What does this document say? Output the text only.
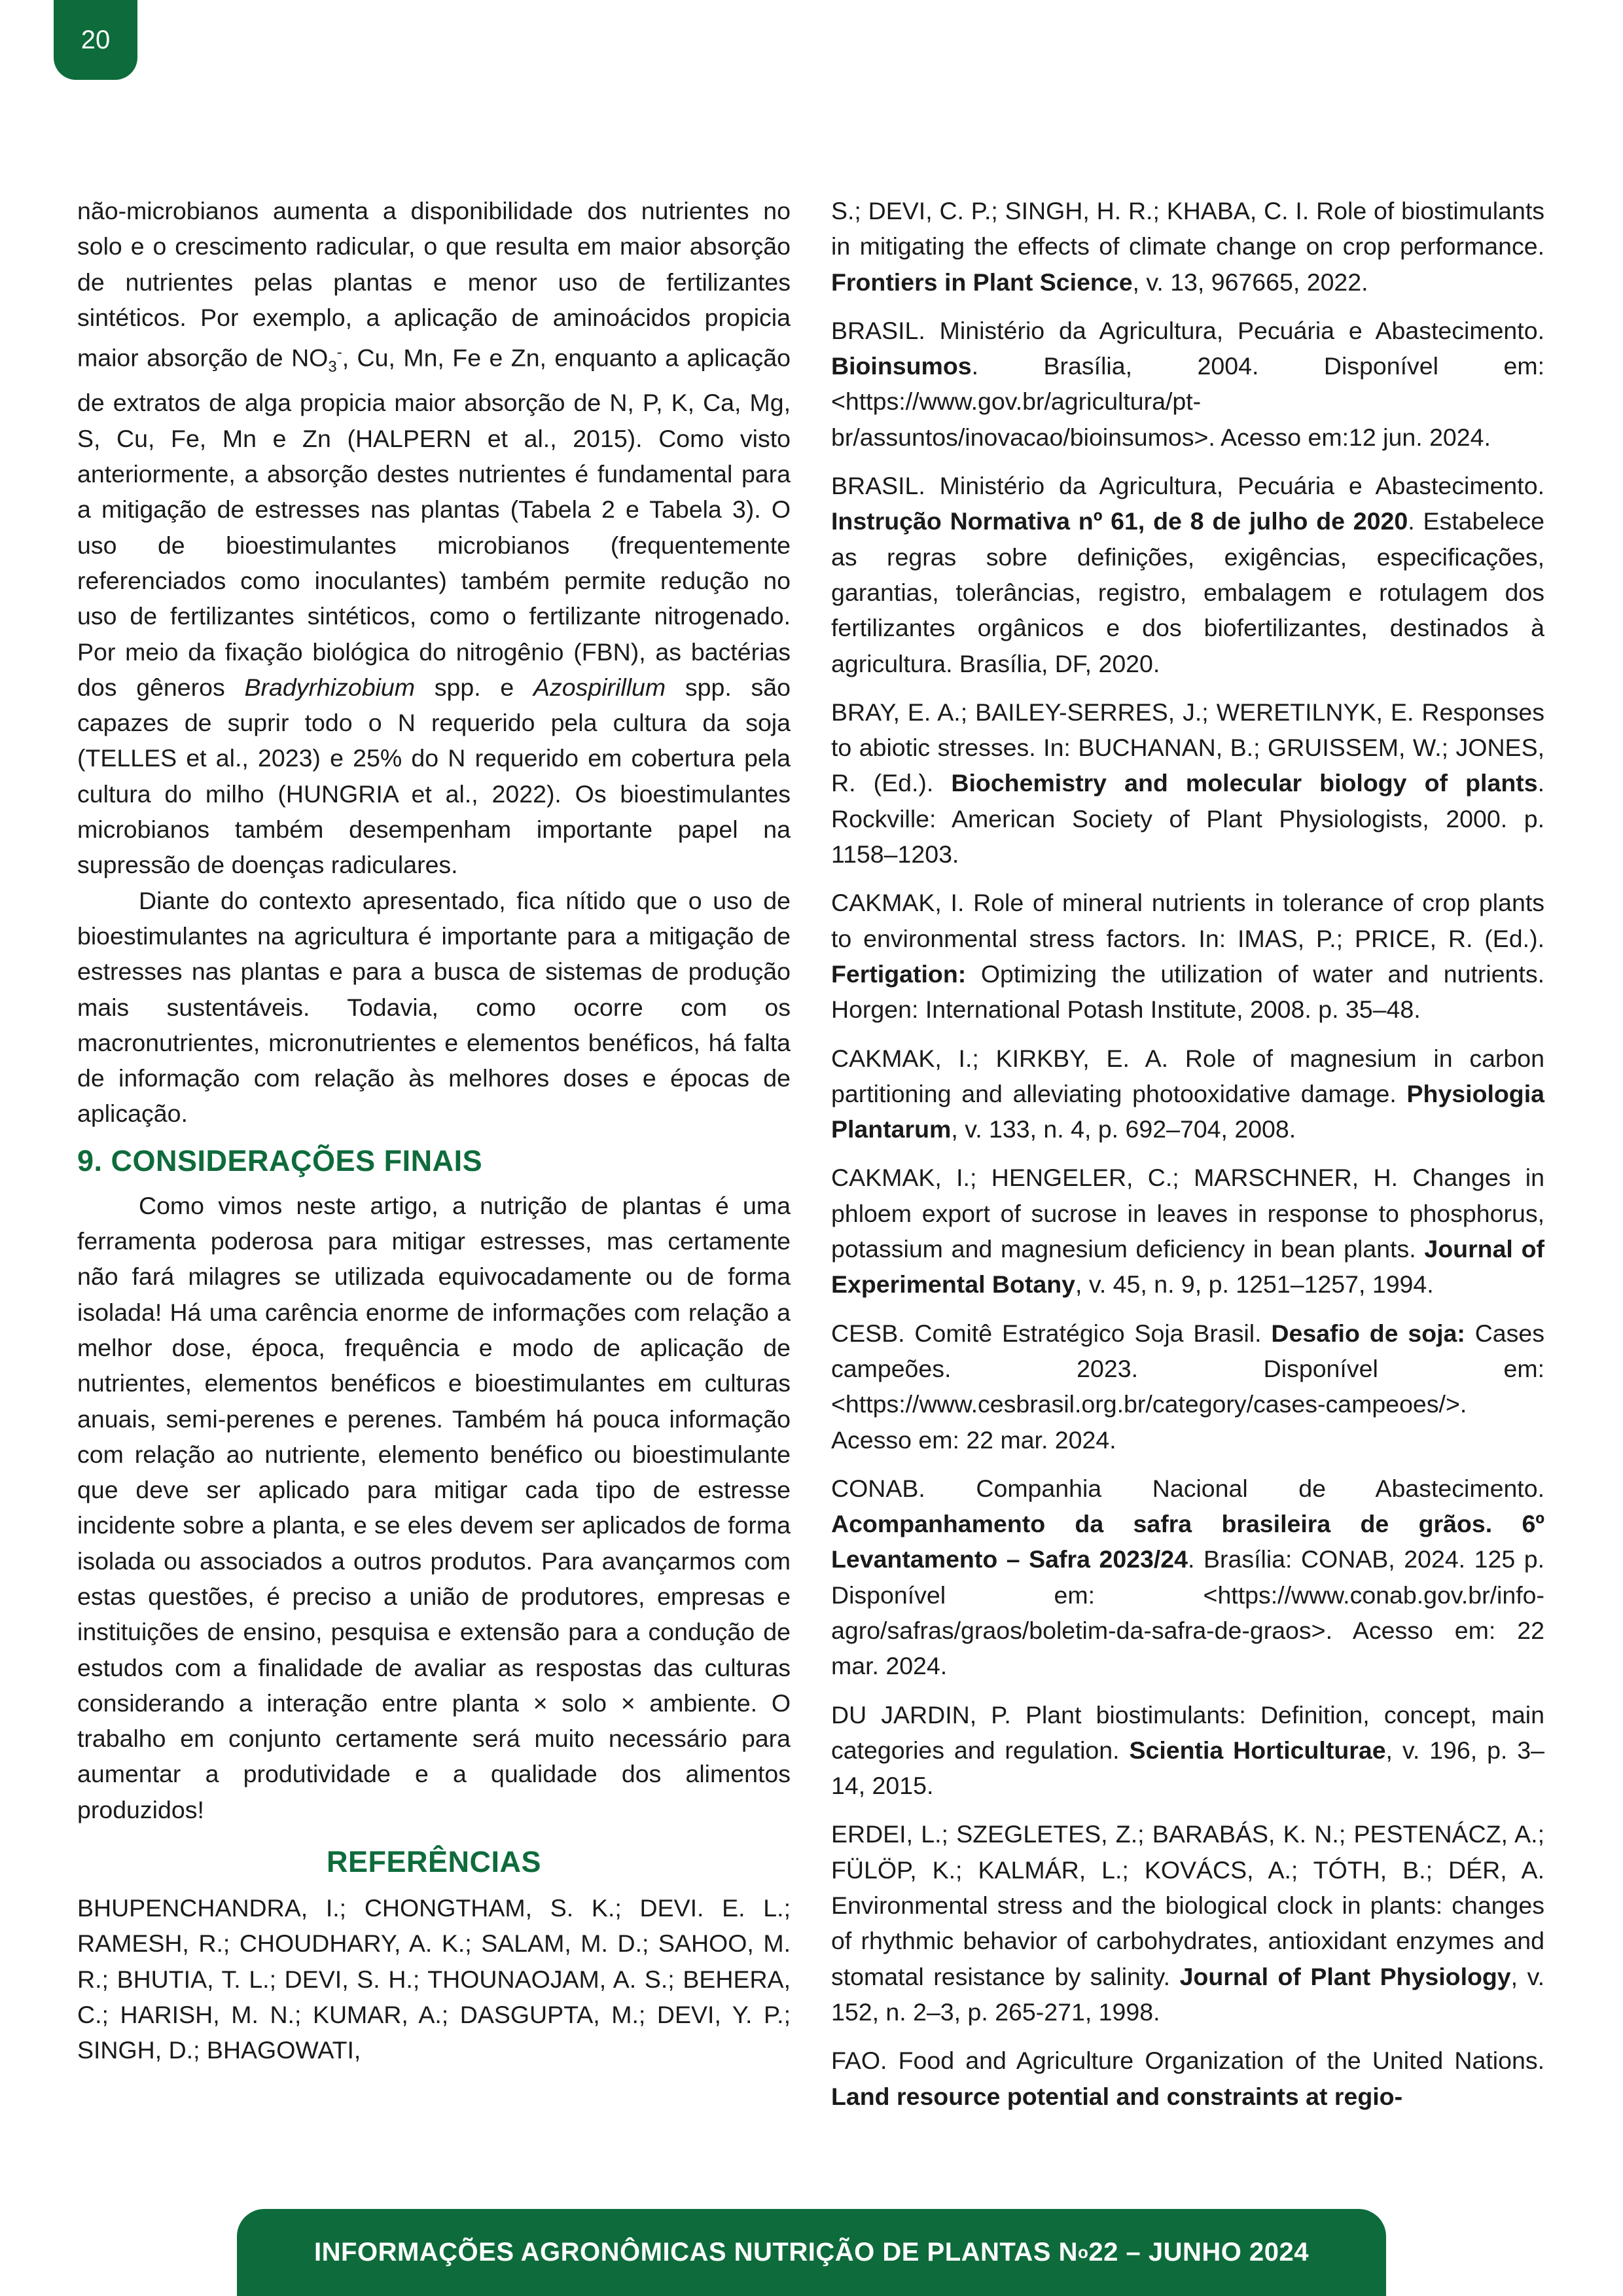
20

não-microbianos aumenta a disponibilidade dos nutrientes no solo e o crescimento radicular, o que resulta em maior absorção de nutrientes pelas plantas e menor uso de fertilizantes sintéticos. Por exemplo, a aplicação de aminoácidos propicia maior absorção de $NO_3^-$, Cu, Mn, Fe e Zn, enquanto a aplicação de extratos de alga propicia maior absorção de N, P, K, Ca, Mg, S, Cu, Fe, Mn e Zn (HALPERN et al., 2015). Como visto anteriormente, a absorção destes nutrientes é fundamental para a mitigação de estresses nas plantas (Tabela 2 e Tabela 3). O uso de bioestimulantes microbianos (frequentemente referenciados como inoculantes) também permite redução no uso de fertilizantes sintéticos, como o fertilizante nitrogenado. Por meio da fixação biológica do nitrogênio (FBN), as bactérias dos gêneros Bradyrhizobium spp. e Azospirillum spp. são capazes de suprir todo o N requerido pela cultura da soja (TELLES et al., 2023) e 25% do N requerido em cobertura pela cultura do milho (HUNGRIA et al., 2022). Os bioestimulantes microbianos também desempenham importante papel na supressão de doenças radiculares.

Diante do contexto apresentado, fica nítido que o uso de bioestimulantes na agricultura é importante para a mitigação de estresses nas plantas e para a busca de sistemas de produção mais sustentáveis. Todavia, como ocorre com os macronutrientes, micronutrientes e elementos benéficos, há falta de informação com relação às melhores doses e épocas de aplicação.

9. CONSIDERAÇÕES FINAIS

Como vimos neste artigo, a nutrição de plantas é uma ferramenta poderosa para mitigar estresses, mas certamente não fará milagres se utilizada equivocadamente ou de forma isolada! Há uma carência enorme de informações com relação a melhor dose, época, frequência e modo de aplicação de nutrientes, elementos benéficos e bioestimulantes em culturas anuais, semi-perenes e perenes. Também há pouca informação com relação ao nutriente, elemento benéfico ou bioestimulante que deve ser aplicado para mitigar cada tipo de estresse incidente sobre a planta, e se eles devem ser aplicados de forma isolada ou associados a outros produtos. Para avançarmos com estas questões, é preciso a união de produtores, empresas e instituições de ensino, pesquisa e extensão para a condução de estudos com a finalidade de avaliar as respostas das culturas considerando a interação entre planta × solo × ambiente. O trabalho em conjunto certamente será muito necessário para aumentar a produtividade e a qualidade dos alimentos produzidos!

REFERÊNCIAS

BHUPENCHANDRA, I.; CHONGTHAM, S. K.; DEVI. E. L.; RAMESH, R.; CHOUDHARY, A. K.; SALAM, M. D.; SAHOO, M. R.; BHUTIA, T. L.; DEVI, S. H.; THOUNAOJAM, A. S.; BEHERA, C.; HARISH, M. N.; KUMAR, A.; DASGUPTA, M.; DEVI, Y. P.; SINGH, D.; BHAGOWATI,

S.; DEVI, C. P.; SINGH, H. R.; KHABA, C. I. Role of biostimulants in mitigating the effects of climate change on crop performance. Frontiers in Plant Science, v. 13, 967665, 2022.

BRASIL. Ministério da Agricultura, Pecuária e Abastecimento. Bioinsumos. Brasília, 2004. Disponível em: <https://www.gov.br/agricultura/pt-br/assuntos/inovacao/bioinsumos>. Acesso em:12 jun. 2024.

BRASIL. Ministério da Agricultura, Pecuária e Abastecimento. Instrução Normativa nº 61, de 8 de julho de 2020. Estabelece as regras sobre definições, exigências, especificações, garantias, tolerâncias, registro, embalagem e rotulagem dos fertilizantes orgânicos e dos biofertilizantes, destinados à agricultura. Brasília, DF, 2020.

BRAY, E. A.; BAILEY-SERRES, J.; WERETILNYK, E. Responses to abiotic stresses. In: BUCHANAN, B.; GRUISSEM, W.; JONES, R. (Ed.). Biochemistry and molecular biology of plants. Rockville: American Society of Plant Physiologists, 2000. p. 1158–1203.

CAKMAK, I. Role of mineral nutrients in tolerance of crop plants to environmental stress factors. In: IMAS, P.; PRICE, R. (Ed.). Fertigation: Optimizing the utilization of water and nutrients. Horgen: International Potash Institute, 2008. p. 35–48.

CAKMAK, I.; KIRKBY, E. A. Role of magnesium in carbon partitioning and alleviating photooxidative damage. Physiologia Plantarum, v. 133, n. 4, p. 692–704, 2008.

CAKMAK, I.; HENGELER, C.; MARSCHNER, H. Changes in phloem export of sucrose in leaves in response to phosphorus, potassium and magnesium deficiency in bean plants. Journal of Experimental Botany, v. 45, n. 9, p. 1251–1257, 1994.

CESB. Comitê Estratégico Soja Brasil. Desafio de soja: Cases campeões. 2023. Disponível em: <https://www.cesbrasil.org.br/category/cases-campeoes/>. Acesso em: 22 mar. 2024.

CONAB. Companhia Nacional de Abastecimento. Acompanhamento da safra brasileira de grãos. 6º Levantamento – Safra 2023/24. Brasília: CONAB, 2024. 125 p. Disponível em: <https://www.conab.gov.br/info-agro/safras/graos/boletim-da-safra-de-graos>. Acesso em: 22 mar. 2024.

DU JARDIN, P. Plant biostimulants: Definition, concept, main categories and regulation. Scientia Horticulturae, v. 196, p. 3–14, 2015.

ERDEI, L.; SZEGLETES, Z.; BARABÁS, K. N.; PESTENÁCZ, A.; FÜLÖP, K.; KALMÁR, L.; KOVÁCS, A.; TÓTH, B.; DÉR, A. Environmental stress and the biological clock in plants: changes of rhythmic behavior of carbohydrates, antioxidant enzymes and stomatal resistance by salinity. Journal of Plant Physiology, v. 152, n. 2–3, p. 265-271, 1998.

FAO. Food and Agriculture Organization of the United Nations. Land resource potential and constraints at regio-

INFORMAÇÕES AGRONÔMICAS NUTRIÇÃO DE PLANTAS N o 22 – JUNHO 2024
